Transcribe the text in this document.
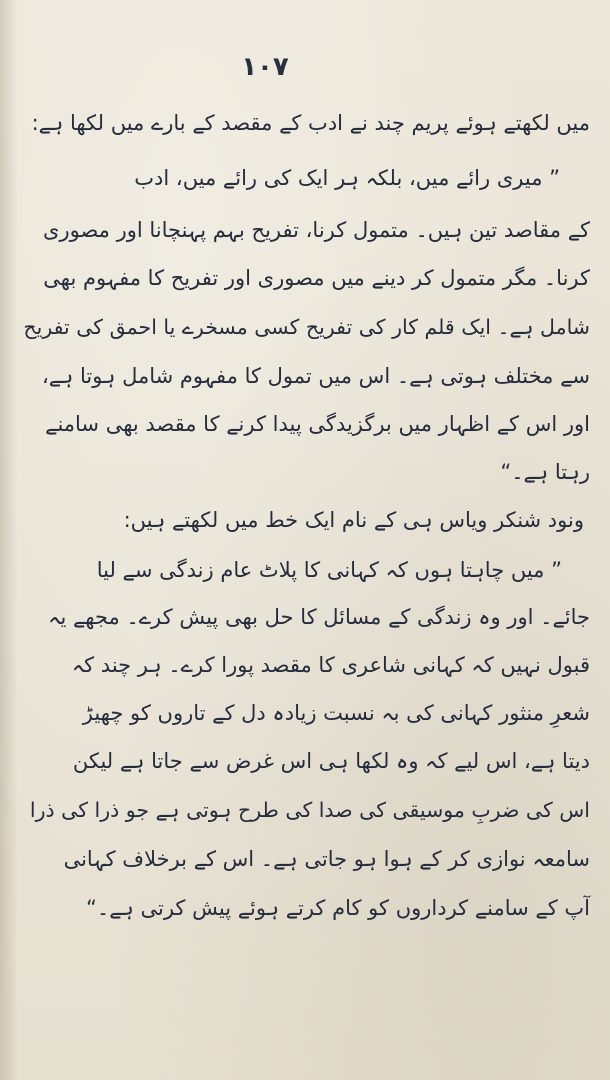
۱۰۷
میں لکھتے ہوئے پریم چند نے ادب کے مقصد کے بارے میں لکھا ہے:
” میری رائے میں، بلکہ ہر ایک کی رائے میں، ادب
کے مقاصد تین ہیں۔ متمول کرنا، تفریح بہم پہنچانا اور مصوری
کرنا۔ مگر متمول کر دینے میں مصوری اور تفریح کا مفہوم بھی
شامل ہے۔ ایک قلم کار کی تفریح کسی مسخرے یا احمق کی تفریح
سے مختلف ہوتی ہے۔ اس میں تمول کا مفہوم شامل ہوتا ہے،
اور اس کے اظہار میں برگزیدگی پیدا کرنے کا مقصد بھی سامنے
رہتا ہے۔“
ونود شنکر ویاس ہی کے نام ایک خط میں لکھتے ہیں:
” میں چاہتا ہوں کہ کہانی کا پلاٹ عام زندگی سے لیا
جائے۔ اور وہ زندگی کے مسائل کا حل بھی پیش کرے۔ مجھے یہ
قبول نہیں کہ کہانی شاعری کا مقصد پورا کرے۔ ہر چند کہ
شعرِ منثور کہانی کی بہ نسبت زیادہ دل کے تاروں کو چھیڑ
دیتا ہے، اس لیے کہ وہ لکھا ہی اس غرض سے جاتا ہے لیکن
اس کی ضربِ موسیقی کی صدا کی طرح ہوتی ہے جو ذرا کی ذرا
سامعہ نوازی کر کے ہوا ہو جاتی ہے۔ اس کے برخلاف کہانی
آپ کے سامنے کرداروں کو کام کرتے ہوئے پیش کرتی ہے۔“
